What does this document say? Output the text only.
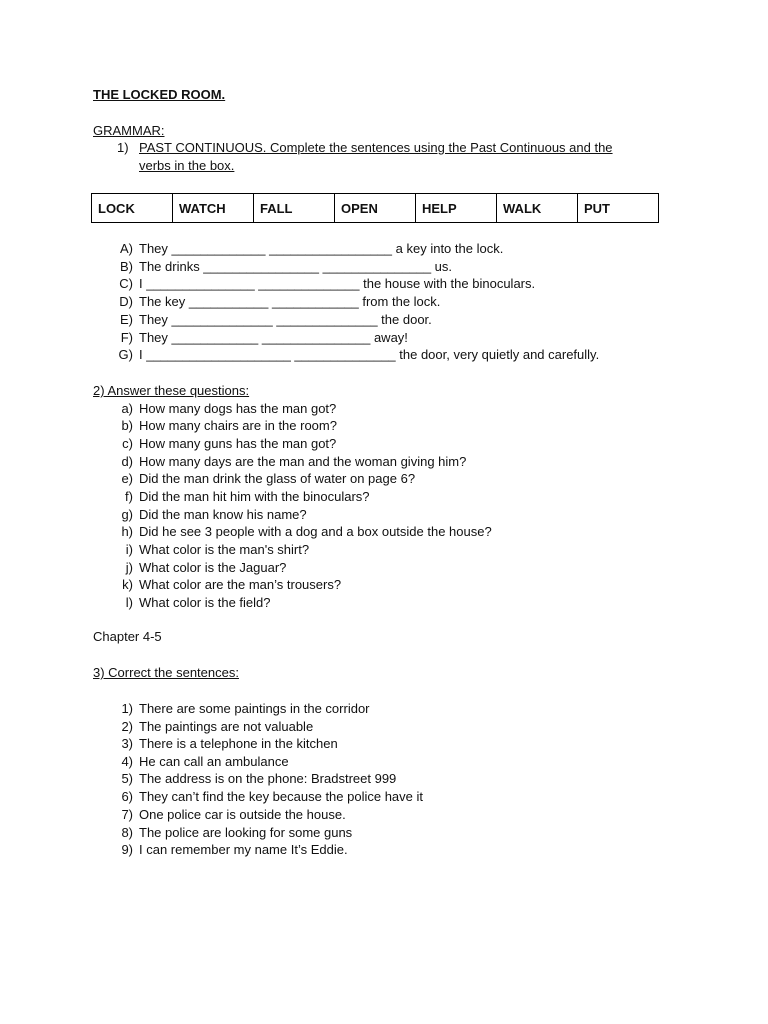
THE LOCKED ROOM.
GRAMMAR:
1) PAST CONTINUOUS. Complete the sentences using the Past Continuous and the
verbs in the box.
LOCK	WATCH	FALL	OPEN	HELP	WALK	PUT
A) They _____________ _________________ a key into the lock.
B) The drinks ________________ _______________ us.
C) I _______________ ______________ the house with the binoculars.
D) The key ___________ ____________ from the lock.
E) They ______________ ______________ the door.
F) They ____________ _______________ away!
G) I ____________________ ______________ the door, very quietly and carefully.
2) Answer these questions:
a) How many dogs has the man got?
b) How many chairs are in the room?
c) How many guns has the man got?
d) How many days are the man and the woman giving him?
e) Did the man drink the glass of water on page 6?
f) Did the man hit him with the binoculars?
g) Did the man know his name?
h) Did he see 3 people with a dog and a box outside the house?
i) What color is the man's shirt?
j) What color is the Jaguar?
k) What color are the man’s trousers?
l) What color is the field?
Chapter 4-5
3) Correct the sentences:
1) There are some paintings in the corridor
2) The paintings are not valuable
3) There is a telephone in the kitchen
4) He can call an ambulance
5) The address is on the phone: Bradstreet 999
6) They can’t find the key because the police have it
7) One police car is outside the house.
8) The police are looking for some guns
9) I can remember my name It’s Eddie.
